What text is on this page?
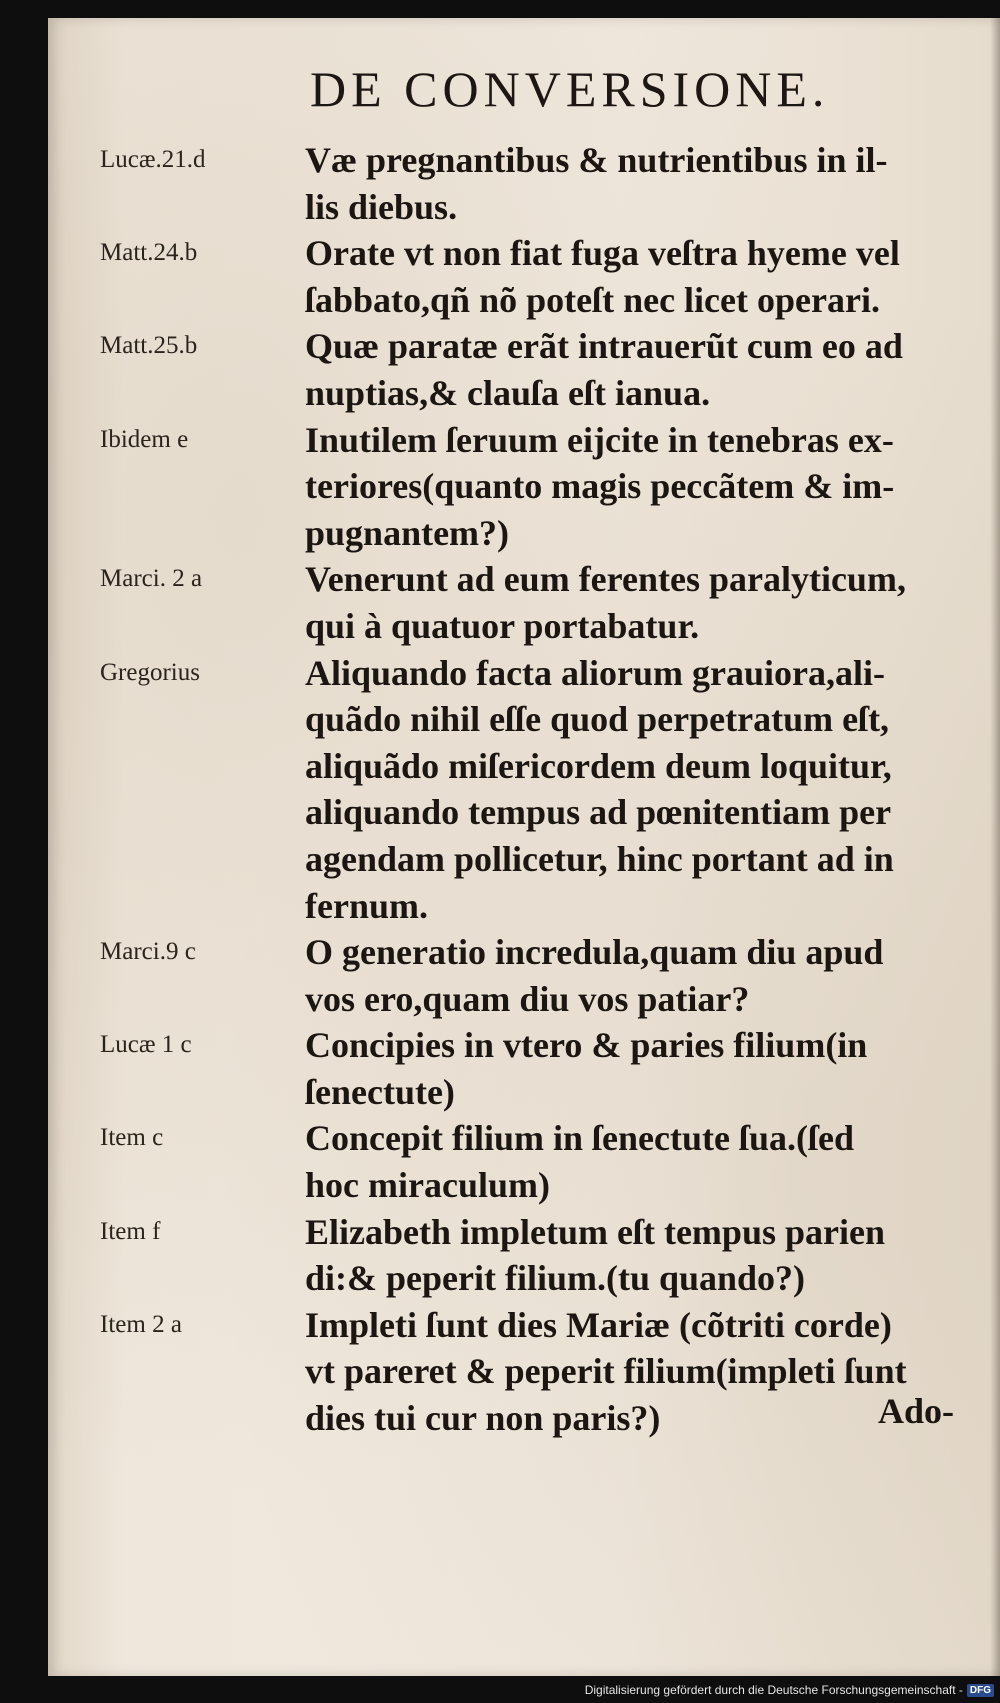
DE CONVERSIONE.
Lucæ.21.d	Væ pregnantibus & nutrientibus in il-
lis diebus.
Matt.24.b	Orate vt non fiat fuga veſtra hyeme vel
ſabbato,qñ nõ poteſt nec licet operari.
Matt.25.b	Quæ paratæ erãt intrauerũt cum eo ad
nuptias,& clauſa eſt ianua.
Ibidem e	Inutilem ſeruum eijcite in tenebras ex-
teriores(quanto magis peccãtem & im-
pugnantem?)
Marci. 2 a	Venerunt ad eum ferentes paralyticum,
qui à quatuor portabatur.
Gregorius	Aliquando facta aliorum grauiora,ali-
quãdo nihil eſſe quod perpetratum eſt,
aliquãdo miſericordem deum loquitur,
aliquando tempus ad pœnitentiam per
agendam pollicetur, hinc portant ad in
fernum.
Marci.9 c	O generatio incredula,quam diu apud
vos ero,quam diu vos patiar?
Lucæ 1 c	Concipies in vtero & paries filium(in
ſenectute)
Item c	Concepit filium in ſenectute ſua.(ſed
hoc miraculum)
Item f	Elizabeth impletum eſt tempus parien
di:& peperit filium.(tu quando?)
Item 2 a	Impleti ſunt dies Mariæ (cõtriti corde)
vt pareret & peperit filium(impleti ſunt
dies tui cur non paris?)	Ado-
Digitalisierung gefördert durch die Deutsche Forschungsgemeinschaft - DFG
